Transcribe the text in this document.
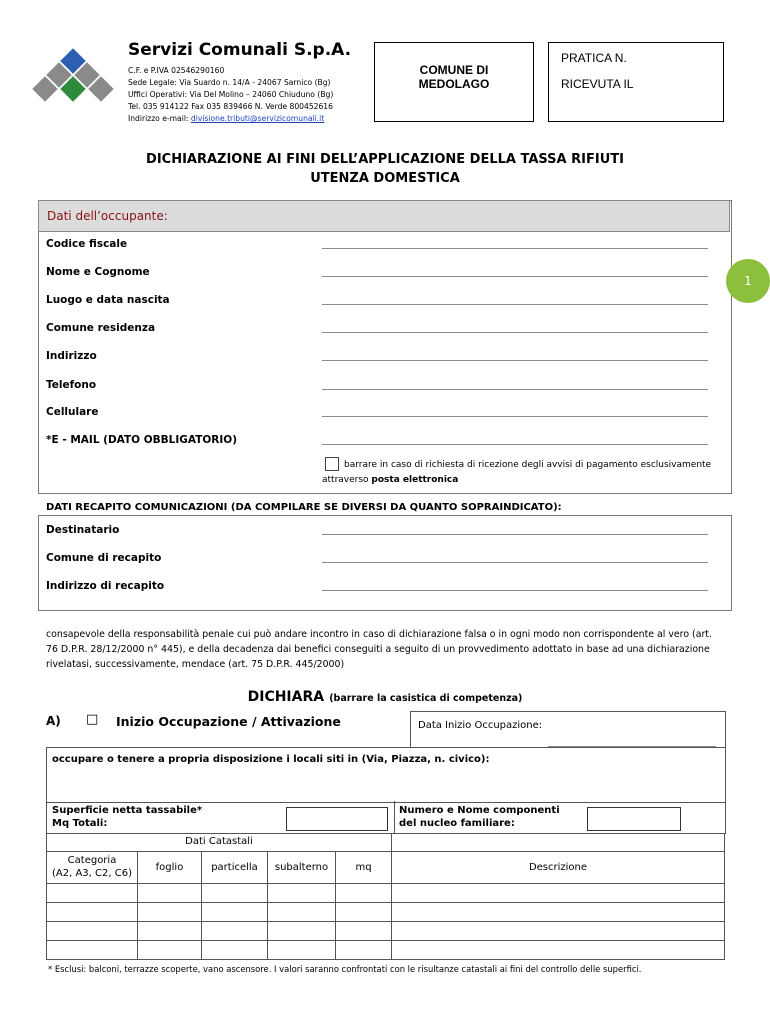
Servizi Comunali S.p.A.
C.F. e P.IVA 02546290160
Sede Legale: Via Suardo n. 14/A - 24067 Sarnico (Bg)
Uffici Operativi: Via Del Molino – 24060 Chiuduno (Bg)
Tel. 035 914122 Fax 035 839466 N. Verde 800452616
Indirizzo e-mail: divisione.tributi@servizicomunali.it
COMUNE DI
MEDOLAGO
PRATICA N.
RICEVUTA IL
DICHIARAZIONE AI FINI DELL’APPLICAZIONE DELLA TASSA RIFIUTI
UTENZA DOMESTICA
Dati dell’occupante:
Codice fiscale
Nome e Cognome
Luogo e data nascita
Comune residenza
Indirizzo
Telefono
Cellulare
*E - MAIL (DATO OBBLIGATORIO)
barrare in caso di richiesta di ricezione degli avvisi di pagamento esclusivamente
attraverso posta elettronica
DATI RECAPITO COMUNICAZIONI (DA COMPILARE SE DIVERSI DA QUANTO SOPRAINDICATO):
Destinatario
Comune di recapito
Indirizzo di recapito
consapevole della responsabilità penale cui può andare incontro in caso di dichiarazione falsa o in ogni modo non corrispondente al vero (art.
76 D.P.R. 28/12/2000 n° 445), e della decadenza dai benefici conseguiti a seguito di un provvedimento adottato in base ad una dichiarazione
rivelatasi, successivamente, mendace (art. 75 D.P.R. 445/2000)
DICHIARA (barrare la casistica di competenza)
A) □ Inizio Occupazione / Attivazione	Data Inizio Occupazione:
occupare o tenere a propria disposizione i locali siti in (Via, Piazza, n. civico):
Superficie netta tassabile*
Mq Totali:
Numero e Nome componenti
del nucleo familiare:
Dati Catastali					

Categoria
(A2, A3, C2, C6)	foglio	particella	subalterno	mq	Descrizione

* Esclusi: balconi, terrazze scoperte, vano ascensore. I valori saranno confrontati con le risultanze catastali ai fini del controllo delle superfici.
1
